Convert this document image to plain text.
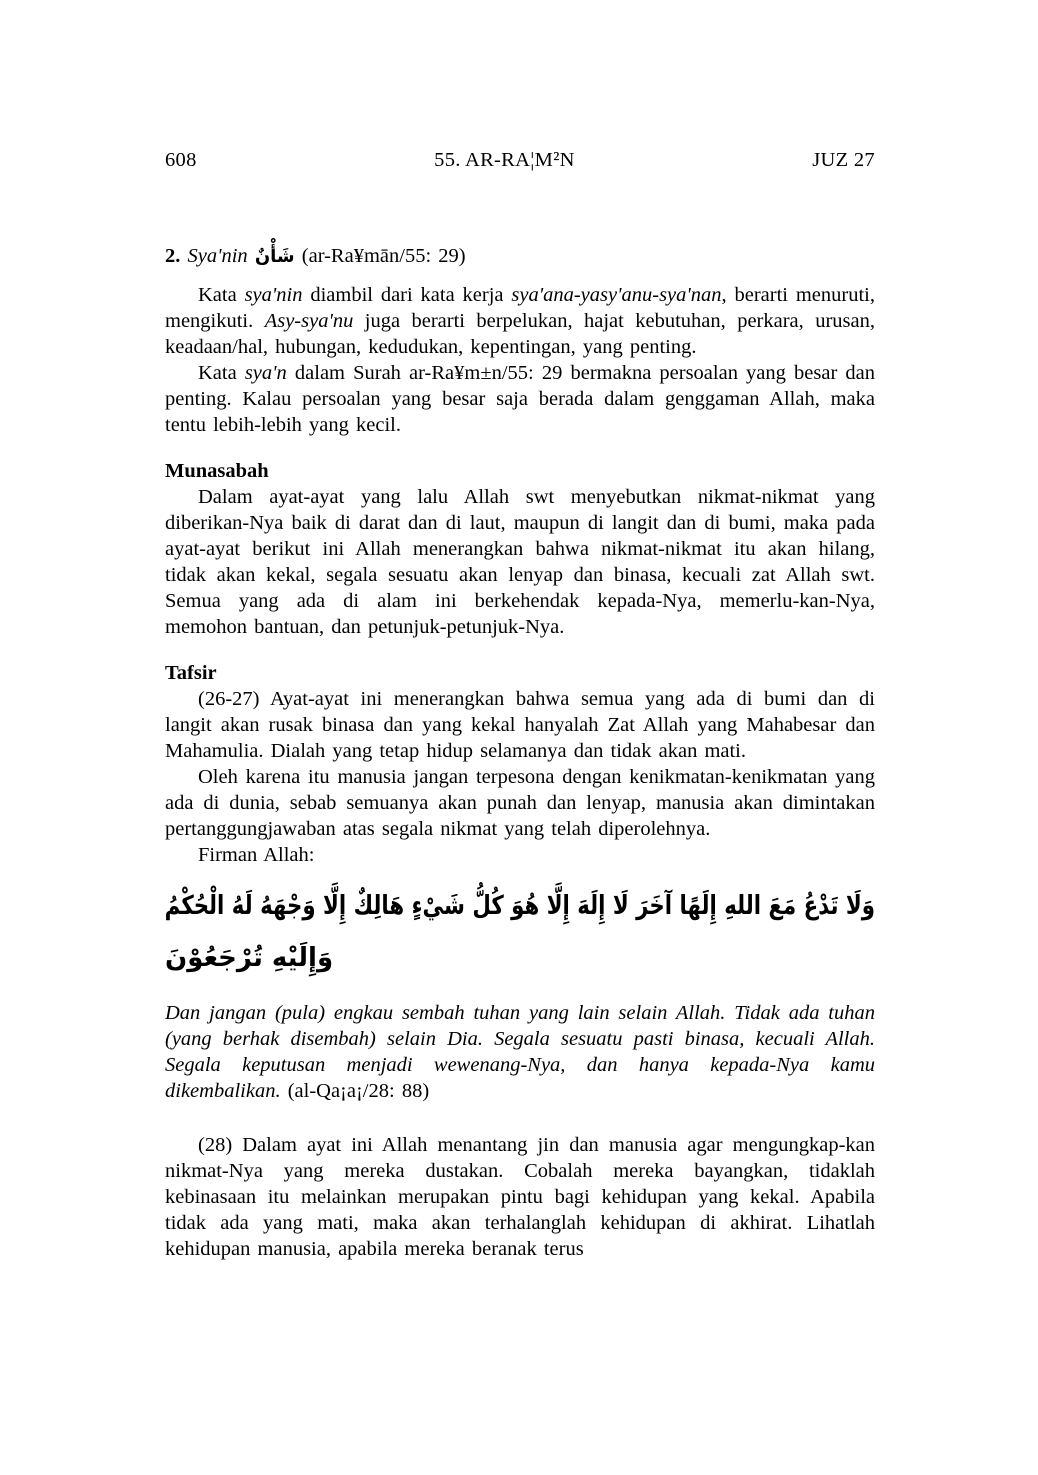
608	55. AR-RA¦M²N	JUZ 27
2. Sya'nin شَأْنٌ (ar-Ra¥mān/55: 29)
Kata sya'nin diambil dari kata kerja sya'ana-yasy'anu-sya'nan, berarti menuruti, mengikuti. Asy-sya'nu juga berarti berpelukan, hajat kebutuhan, perkara, urusan, keadaan/hal, hubungan, kedudukan, kepentingan, yang penting.
Kata sya'n dalam Surah ar-Ra¥m±n/55: 29 bermakna persoalan yang besar dan penting. Kalau persoalan yang besar saja berada dalam genggaman Allah, maka tentu lebih-lebih yang kecil.
Munasabah
Dalam ayat-ayat yang lalu Allah swt menyebutkan nikmat-nikmat yang diberikan-Nya baik di darat dan di laut, maupun di langit dan di bumi, maka pada ayat-ayat berikut ini Allah menerangkan bahwa nikmat-nikmat itu akan hilang, tidak akan kekal, segala sesuatu akan lenyap dan binasa, kecuali zat Allah swt. Semua yang ada di alam ini berkehendak kepada-Nya, memerlu-kan-Nya, memohon bantuan, dan petunjuk-petunjuk-Nya.
Tafsir
(26-27) Ayat-ayat ini menerangkan bahwa semua yang ada di bumi dan di langit akan rusak binasa dan yang kekal hanyalah Zat Allah yang Mahabesar dan Mahamulia. Dialah yang tetap hidup selamanya dan tidak akan mati.
Oleh karena itu manusia jangan terpesona dengan kenikmatan-kenikmatan yang ada di dunia, sebab semuanya akan punah dan lenyap, manusia akan dimintakan pertanggungjawaban atas segala nikmat yang telah diperolehnya.
Firman Allah:
وَلَا تَدْعُ مَعَ اللهِ إِلَهًا آخَرَ لَا إِلَهَ إِلَّا هُوَ كُلُّ شَيْءٍ هَالِكٌ إِلَّا وَجْهَهُ لَهُ الْحُكْمُ
وَإِلَيْهِ تُرْجَعُوْنَ
Dan jangan (pula) engkau sembah tuhan yang lain selain Allah. Tidak ada tuhan (yang berhak disembah) selain Dia. Segala sesuatu pasti binasa, kecuali Allah. Segala keputusan menjadi wewenang-Nya, dan hanya kepada-Nya kamu dikembalikan. (al-Qa¡a¡/28: 88)
(28) Dalam ayat ini Allah menantang jin dan manusia agar mengungkap-kan nikmat-Nya yang mereka dustakan. Cobalah mereka bayangkan, tidaklah kebinasaan itu melainkan merupakan pintu bagi kehidupan yang kekal. Apabila tidak ada yang mati, maka akan terhalanglah kehidupan di akhirat. Lihatlah kehidupan manusia, apabila mereka beranak terus
